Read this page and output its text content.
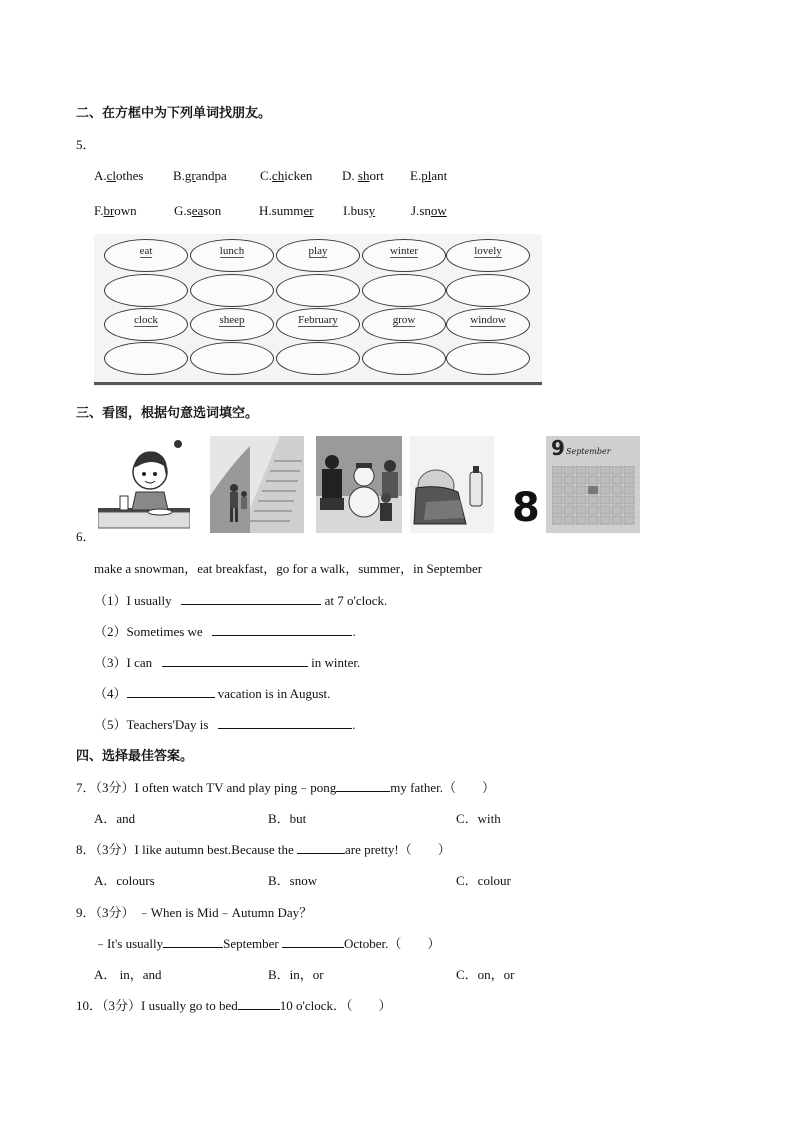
二、在方框中为下列单词找朋友。
5．
A.clothes B.grandpa	C.chicken D. short E.plant
F.brown	G.season	H.summer I.busy	J.snow
eat	lunch	play	winter	lovely
clock	sheep	February	grow	window
三、看图，根据句意选词填空。
8
9 September
6．
make a snowman，eat breakfast，go for a walk，summer，in September
（1）I usually	at 7 o'clock.
（2）Sometimes we	.
（3）I can	in winter.
（4）	vacation is in August.
（5）Teachers'Day is	.
四、选择最佳答案。
7．（3分）I often watch TV and play ping﹣pong	my father.（　　）
A．and	B．but	C．with
8．（3分）I like autumn best.Because the	are pretty!（　　）
A．colours	B．snow	C．colour
9．（3分） ﹣When is Mid﹣Autumn Day？
﹣It's usually	September	October.（　　）
A． in，and	B．in，or	C．on，or
10．（3分）I usually go to bed	10 o'clock．（　　）
